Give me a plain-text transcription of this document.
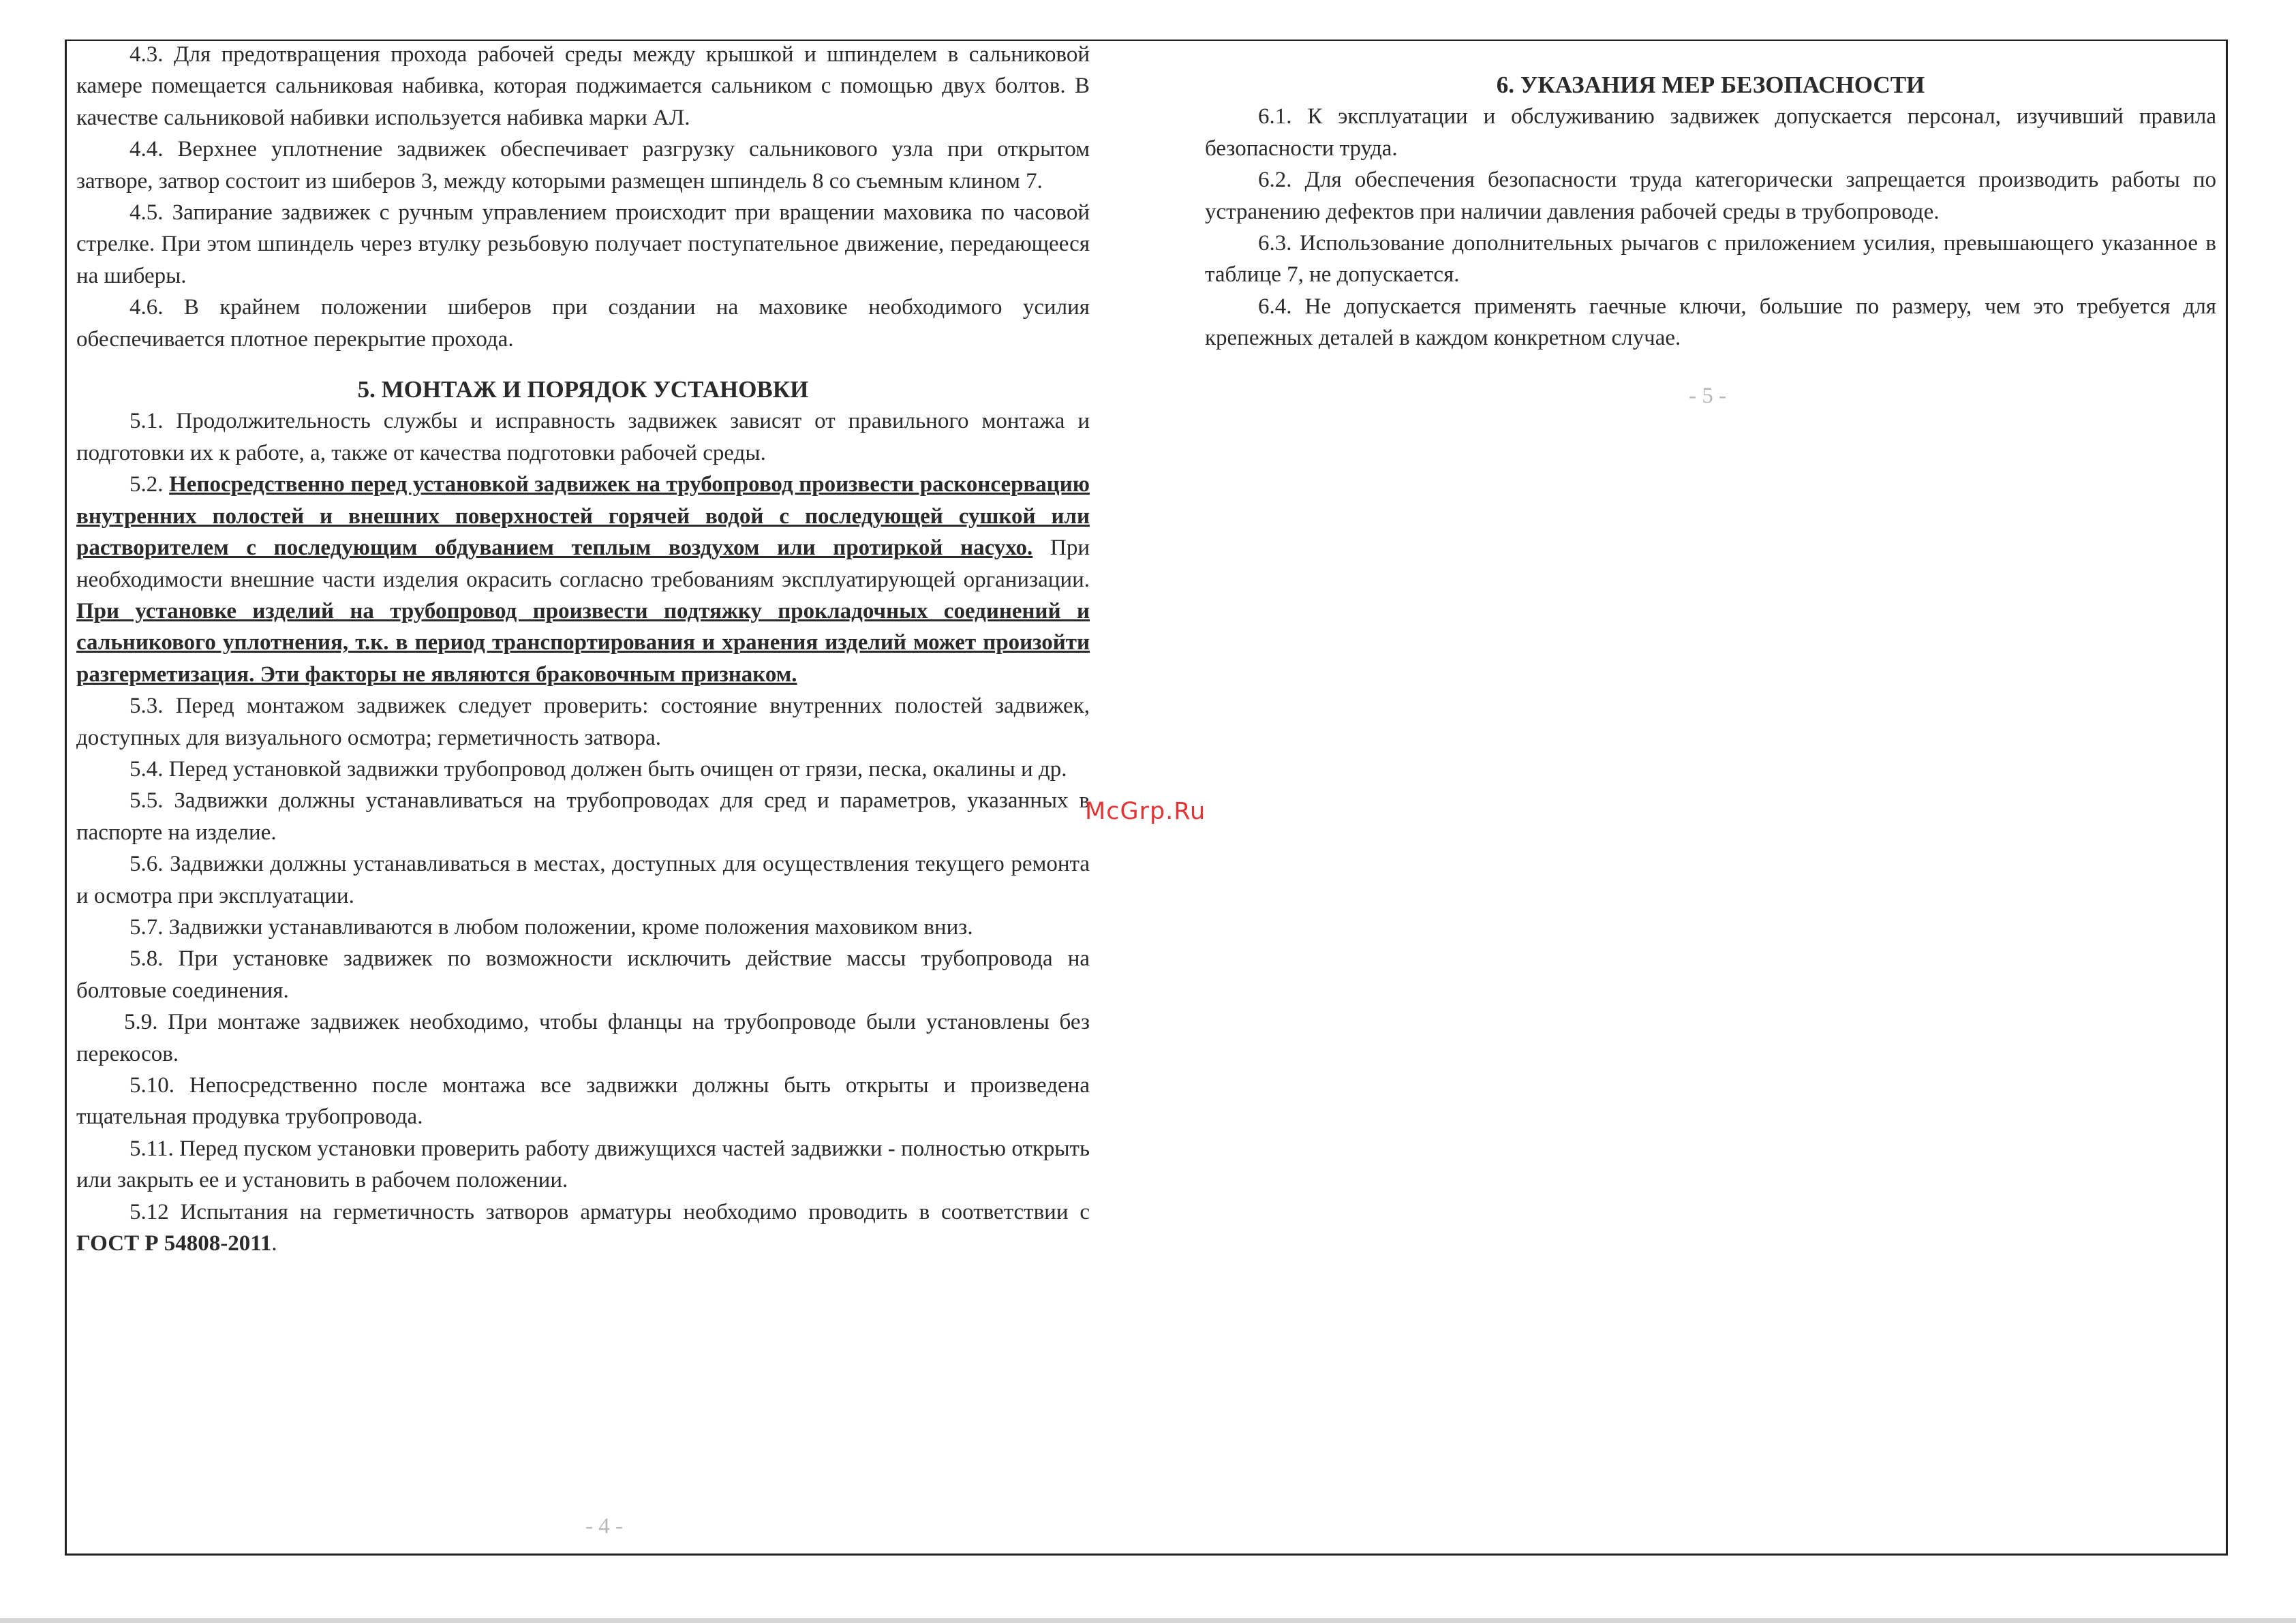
4.3. Для предотвращения прохода рабочей среды между крышкой и шпинделем в сальниковой камере помещается сальниковая набивка, которая поджимается сальником с помощью двух болтов. В качестве сальниковой набивки используется набивка марки АЛ.

4.4. Верхнее уплотнение задвижек обеспечивает разгрузку сальникового узла при открытом затворе, затвор состоит из шиберов 3, между которыми размещен шпиндель 8 со съемным клином 7.

4.5. Запирание задвижек с ручным управлением происходит при вращении маховика по часовой стрелке. При этом шпиндель через втулку резьбовую получает поступательное движение, передающееся на шиберы.

4.6. В крайнем положении шиберов при создании на маховике необходимого усилия обеспечивается плотное перекрытие прохода.

5. МОНТАЖ И ПОРЯДОК УСТАНОВКИ

5.1. Продолжительность службы и исправность задвижек зависят от правильного монтажа и подготовки их к работе, а, также от качества подготовки рабочей среды.

5.2. Непосредственно перед установкой задвижек на трубопровод произвести расконсервацию внутренних полостей и внешних поверхностей горячей водой с последующей сушкой или растворителем с последующим обдуванием теплым воздухом или протиркой насухо. При необходимости внешние части изделия окрасить согласно требованиям эксплуатирующей организации. При установке изделий на трубопровод произвести подтяжку прокладочных соединений и сальникового уплотнения, т.к. в период транспортирования и хранения изделий может произойти разгерметизация. Эти факторы не являются браковочным признаком.

5.3. Перед монтажом задвижек следует проверить: состояние внутренних полостей задвижек, доступных для визуального осмотра; герметичность затвора.

5.4. Перед установкой задвижки трубопровод должен быть очищен от грязи, песка, окалины и др.

5.5. Задвижки должны устанавливаться на трубопроводах для сред и параметров, указанных в паспорте на изделие.

5.6. Задвижки должны устанавливаться в местах, доступных для осуществления текущего ремонта и осмотра при эксплуатации.

5.7. Задвижки устанавливаются в любом положении, кроме положения маховиком вниз.

5.8. При установке задвижек по возможности исключить действие массы трубопровода на болтовые соединения.

5.9. При монтаже задвижек необходимо, чтобы фланцы на трубопроводе были установлены без перекосов.

5.10. Непосредственно после монтажа все задвижки должны быть открыты и произведена тщательная продувка трубопровода.

5.11. Перед пуском установки проверить работу движущихся частей задвижки - полностью открыть или закрыть ее и установить в рабочем положении.

5.12 Испытания на герметичность затворов арматуры необходимо проводить в соответствии с ГОСТ Р 54808-2011.

- 4 -
6. УКАЗАНИЯ МЕР БЕЗОПАСНОСТИ

6.1. К эксплуатации и обслуживанию задвижек допускается персонал, изучивший правила безопасности труда.

6.2. Для обеспечения безопасности труда категорически запрещается производить работы по устранению дефектов при наличии давления рабочей среды в трубопроводе.

6.3. Использование дополнительных рычагов с приложением усилия, превышающего указанное в таблице 7, не допускается.

6.4. Не допускается применять гаечные ключи, большие по размеру, чем это требуется для крепежных деталей в каждом конкретном случае.

- 5 -
McGrp.Ru
